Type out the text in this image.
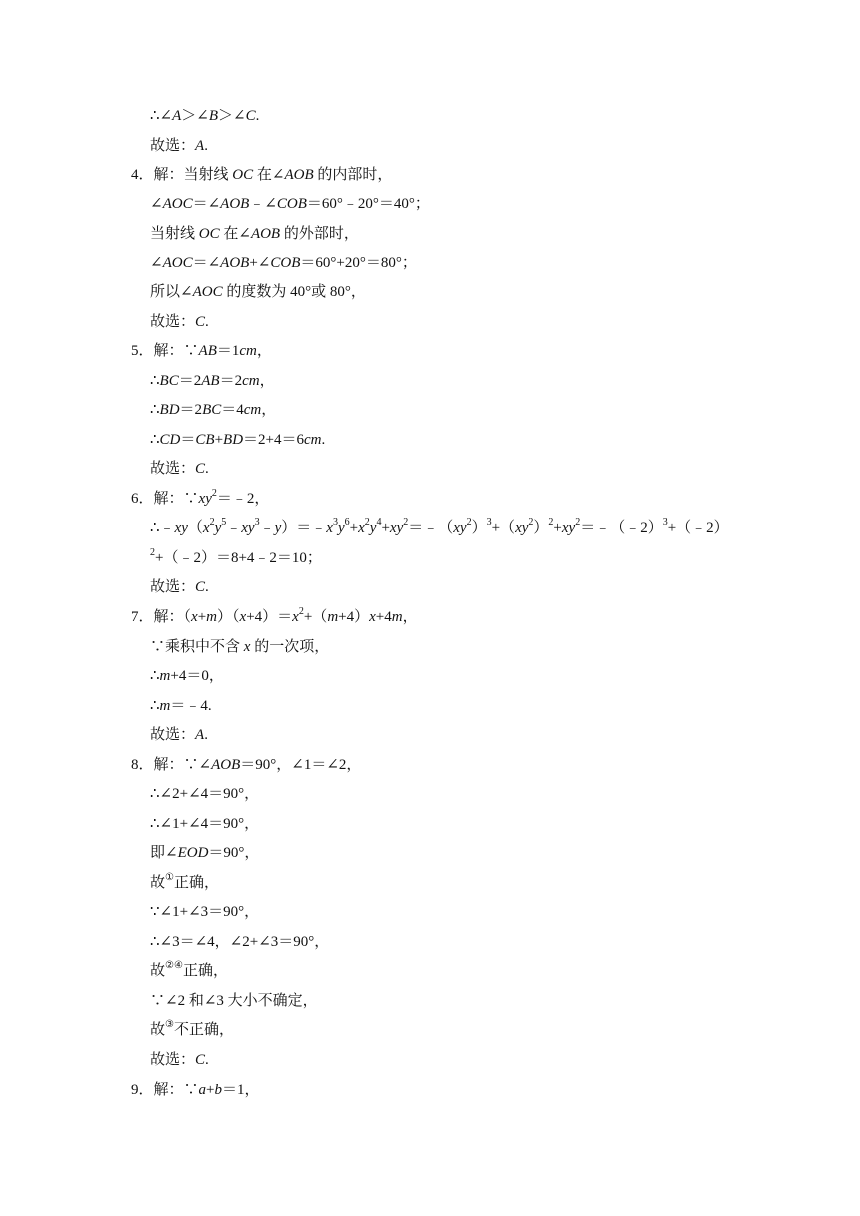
∴∠A＞∠B＞∠C.
故选：A.
4．解：当射线 OC 在∠AOB 的内部时，
∠AOC＝∠AOB﹣∠COB＝60°﹣20°＝40°；
当射线 OC 在∠AOB 的外部时，
∠AOC＝∠AOB+∠COB＝60°+20°＝80°；
所以∠AOC 的度数为 40°或 80°，
故选：C.
5．解：∵AB＝1cm，
∴BC＝2AB＝2cm，
∴BD＝2BC＝4cm，
∴CD＝CB+BD＝2+4＝6cm.
故选：C.
6．解：$\because xy^2=﹣2$，
$\therefore﹣xy(x^2y^5﹣xy^3﹣y)=﹣x^3y^6+x^2y^4+xy^2=﹣(xy^2)^3+(xy^2)^2+xy^2=﹣(﹣2)^3+(﹣2)$
$^2$+（﹣2）＝8+4﹣2＝10；
故选：C.
7．解：$(x+m)(x+4)=x^2+(m+4)x+4m$，
∵乘积中不含 x 的一次项，
∴m+4＝0，
∴m＝﹣4.
故选：A.
8．解：∵∠AOB＝90°，∠1＝∠2，
∴∠2+∠4＝90°，
∴∠1+∠4＝90°，
即∠EOD＝90°，
故①正确，
∵∠1+∠3＝90°，
∴∠3＝∠4，∠2+∠3＝90°，
故②④正确，
∵∠2 和∠3 大小不确定，
故③不正确，
故选：C.
9．解：∵a+b＝1，
